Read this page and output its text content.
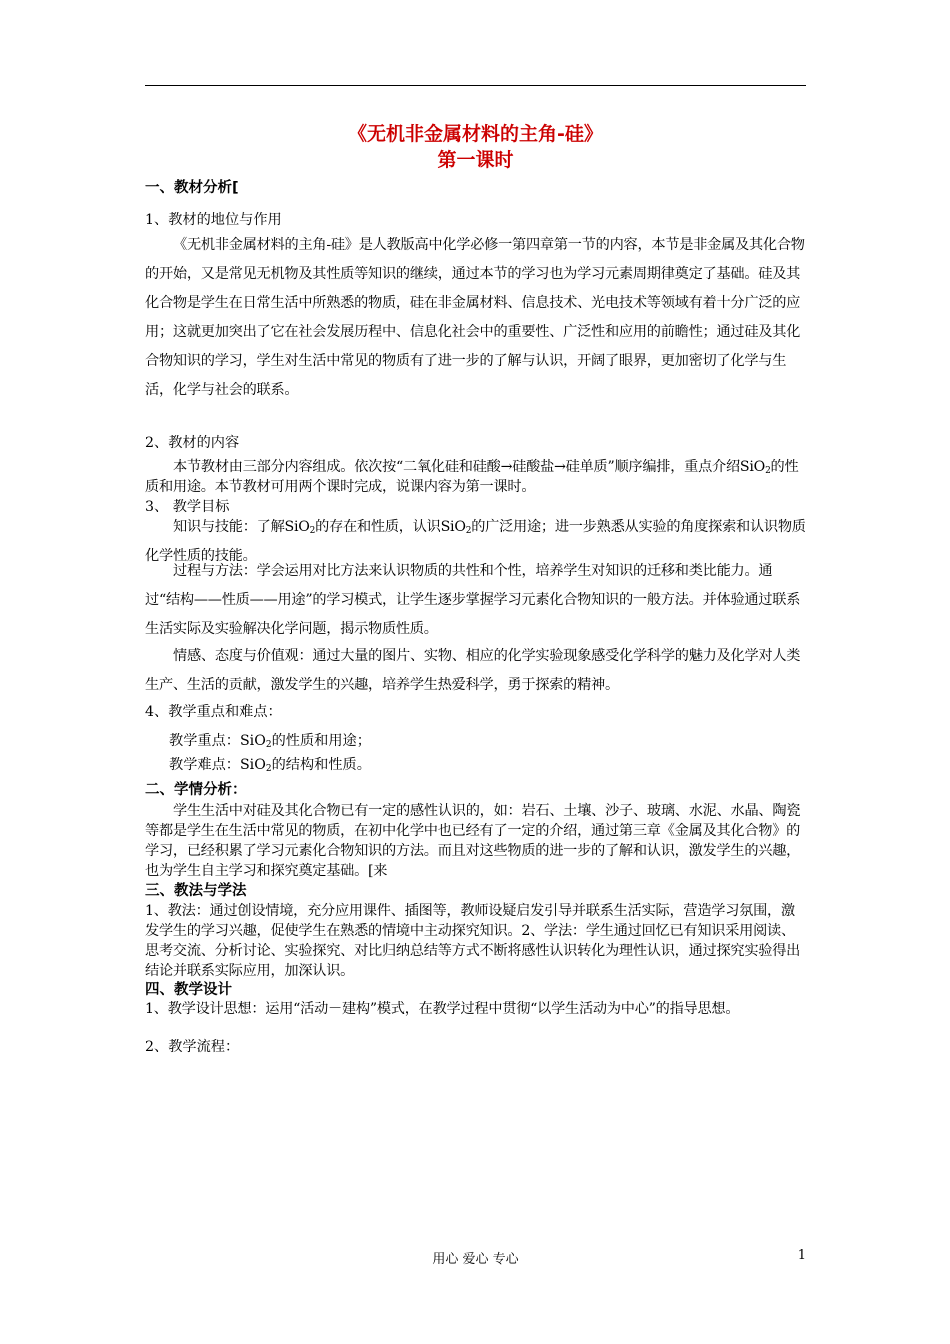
《无机非金属材料的主角-硅》
第一课时
一、教材分析[
1、教材的地位与作用
《无机非金属材料的主角-硅》是人教版高中化学必修一第四章第一节的内容，本节是非金属及其化合物的开始，又是常见无机物及其性质等知识的继续，通过本节的学习也为学习元素周期律奠定了基础。硅及其化合物是学生在日常生活中所熟悉的物质，硅在非金属材料、信息技术、光电技术等领域有着十分广泛的应用；这就更加突出了它在社会发展历程中、信息化社会中的重要性、广泛性和应用的前瞻性；通过硅及其化合物知识的学习，学生对生活中常见的物质有了进一步的了解与认识，开阔了眼界，更加密切了化学与生活，化学与社会的联系。
2、教材的内容
本节教材由三部分内容组成。依次按“二氧化硅和硅酸→硅酸盐→硅单质”顺序编排，重点介绍SiO$_2$的性质和用途。本节教材可用两个课时完成，说课内容为第一课时。
3、 教学目标
知识与技能：了解SiO$_2$的存在和性质，认识SiO$_2$的广泛用途；进一步熟悉从实验的角度探索和认识物质化学性质的技能。
过程与方法：学会运用对比方法来认识物质的共性和个性，培养学生对知识的迁移和类比能力。通过“结构——性质——用途”的学习模式，让学生逐步掌握学习元素化合物知识的一般方法。并体验通过联系生活实际及实验解决化学问题，揭示物质性质。
情感、态度与价值观：通过大量的图片、实物、相应的化学实验现象感受化学科学的魅力及化学对人类生产、生活的贡献，激发学生的兴趣，培养学生热爱科学，勇于探索的精神。
4、教学重点和难点：
教学重点：SiO$_2$的性质和用途；
教学难点：SiO$_2$的结构和性质。
二、学情分析：
学生生活中对硅及其化合物已有一定的感性认识的，如：岩石、土壤、沙子、玻璃、水泥、水晶、陶瓷等都是学生在生活中常见的物质，在初中化学中也已经有了一定的介绍，通过第三章《金属及其化合物》的学习，已经积累了学习元素化合物知识的方法。而且对这些物质的进一步的了解和认识，激发学生的兴趣，也为学生自主学习和探究奠定基础。[来
三、教法与学法
1、教法：通过创设情境，充分应用课件、插图等，教师设疑启发引导并联系生活实际，营造学习氛围，激发学生的学习兴趣，促使学生在熟悉的情境中主动探究知识。2、学法：学生通过回忆已有知识采用阅读、思考交流、分析讨论、实验探究、对比归纳总结等方式不断将感性认识转化为理性认识，通过探究实验得出结论并联系实际应用，加深认识。
四、教学设计
1、教学设计思想：运用“活动－建构”模式，在教学过程中贯彻“以学生活动为中心”的指导思想。
2、教学流程：
用心 爱心 专心	1
